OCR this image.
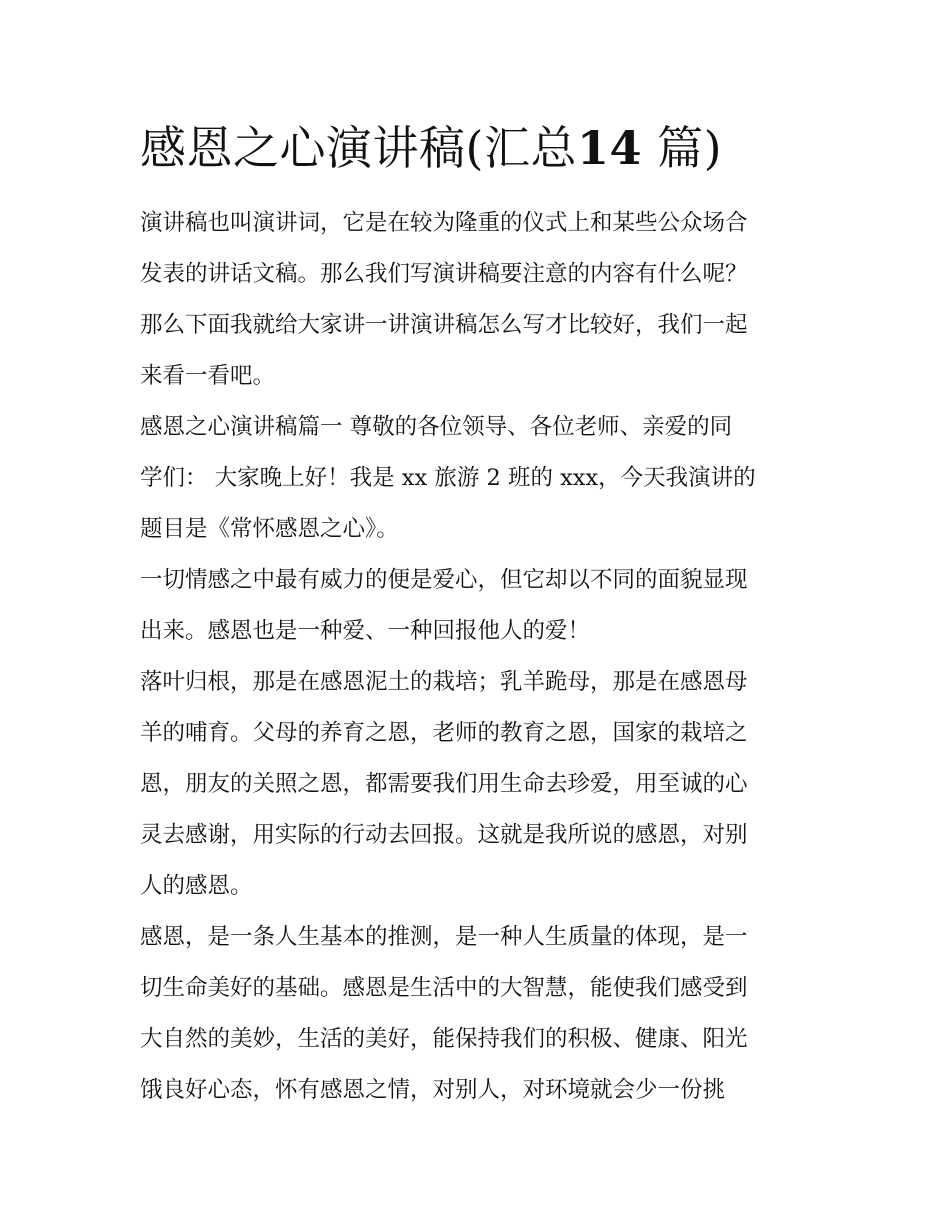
感恩之心演讲稿(汇总14 篇)
演讲稿也叫演讲词，它是在较为隆重的仪式上和某些公众场合
发表的讲话文稿。那么我们写演讲稿要注意的内容有什么呢？
那么下面我就给大家讲一讲演讲稿怎么写才比较好，我们一起
来看一看吧。
感恩之心演讲稿篇一 尊敬的各位领导、各位老师、亲爱的同
学们： 大家晚上好！我是 xx 旅游 2 班的 xxx，今天我演讲的
题目是《常怀感恩之心》。
一切情感之中最有威力的便是爱心，但它却以不同的面貌显现
出来。感恩也是一种爱、一种回报他人的爱！
落叶归根，那是在感恩泥土的栽培；乳羊跪母，那是在感恩母
羊的哺育。父母的养育之恩，老师的教育之恩，国家的栽培之
恩，朋友的关照之恩，都需要我们用生命去珍爱，用至诚的心
灵去感谢，用实际的行动去回报。这就是我所说的感恩，对别
人的感恩。
感恩，是一条人生基本的推测，是一种人生质量的体现，是一
切生命美好的基础。感恩是生活中的大智慧，能使我们感受到
大自然的美妙，生活的美好，能保持我们的积极、健康、阳光
饿良好心态，怀有感恩之情，对别人，对环境就会少一份挑
